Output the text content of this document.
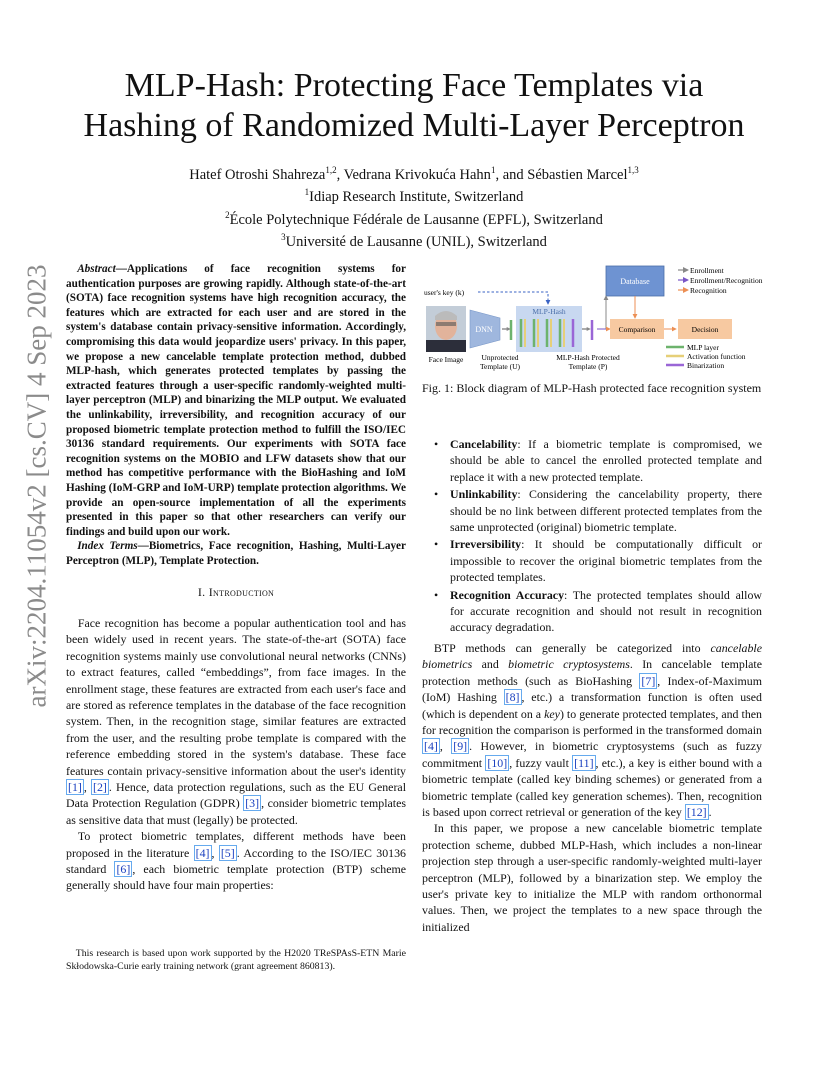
arXiv:2204.11054v2 [cs.CV] 4 Sep 2023
MLP-Hash: Protecting Face Templates via
Hashing of Randomized Multi-Layer Perceptron
Hatef Otroshi Shahreza$^{1,2}$, Vedrana Krivokuća Hahn$^1$, and Sébastien Marcel$^{1,3}$
$^1$Idiap Research Institute, Switzerland
$^2$École Polytechnique Fédérale de Lausanne (EPFL), Switzerland
$^3$Université de Lausanne (UNIL), Switzerland

Abstract—Applications of face recognition systems for authentication purposes are growing rapidly. Although state-of-the-art (SOTA) face recognition systems have high recognition accuracy, the features which are extracted for each user and are stored in the system's database contain privacy-sensitive information. Accordingly, compromising this data would jeopardize users' privacy. In this paper, we propose a new cancelable template protection method, dubbed MLP-hash, which generates protected templates by passing the extracted features through a user-specific randomly-weighted multi-layer perceptron (MLP) and binarizing the MLP output. We evaluated the unlinkability, irreversibility, and recognition accuracy of our proposed biometric template protection method to fulfill the ISO/IEC 30136 standard requirements. Our experiments with SOTA face recognition systems on the MOBIO and LFW datasets show that our method has competitive performance with the BioHashing and IoM Hashing (IoM-GRP and IoM-URP) template protection algorithms. We provide an open-source implementation of all the experiments presented in this paper so that other researchers can verify our findings and build upon our work.

Index Terms—Biometrics, Face recognition, Hashing, Multi-Layer Perceptron (MLP), Template Protection.

I. Introduction

Face recognition has become a popular authentication tool and has been widely used in recent years. The state-of-the-art (SOTA) face recognition systems mainly use convolutional neural networks (CNNs) to extract features, called “embeddings”, from face images. In the enrollment stage, these features are extracted from each user's face and are stored as reference templates in the database of the face recognition system. Then, in the recognition stage, similar features are extracted from the user, and the resulting probe template is compared with the reference embedding stored in the system's database. These face features contain privacy-sensitive information about the user's identity [1] , [2] . Hence, data protection regulations, such as the EU General Data Protection Regulation (GDPR) [3] , consider biometric templates as sensitive data that must (legally) be protected.

To protect biometric templates, different methods have been proposed in the literature [4] , [5] . According to the ISO/IEC 30136 standard [6] , each biometric template protection (BTP) scheme generally should have four main properties:

This research is based upon work supported by the H2020 TReSPAsS-ETN Marie Skłodowska-Curie early training network (grant agreement 860813).
Enrollment
Enrollment/Recognition
Recognition
user's key (k)
Database
Face Image
DNN
Unprotected
Template (U)
MLP-Hash
MLP-Hash Protected
Template (P)
Comparison	Decision
MLP layer
Activation function
Binarization
Fig. 1: Block diagram of MLP-Hash protected face recognition system
• Cancelability: If a biometric template is compromised, we should be able to cancel the enrolled protected template and replace it with a new protected template.
• Unlinkability: Considering the cancelability property, there should be no link between different protected templates from the same unprotected (original) biometric template.
• Irreversibility: It should be computationally difficult or impossible to recover the original biometric templates from the protected templates.
• Recognition Accuracy: The protected templates should allow for accurate recognition and should not result in recognition accuracy degradation.

BTP methods can generally be categorized into cancelable biometrics and biometric cryptosystems. In cancelable template protection methods (such as BioHashing [7] , Index-of-Maximum (IoM) Hashing [8] , etc.) a transformation function is often used (which is dependent on a key) to generate protected templates, and then for recognition the comparison is performed in the transformed domain [4] , [9] . However, in biometric cryptosystems (such as fuzzy commitment [10] , fuzzy vault [11] , etc.), a key is either bound with a biometric template (called key binding schemes) or generated from a biometric template (called key generation schemes). Then, recognition is based upon correct retrieval or generation of the key [12] .

In this paper, we propose a new cancelable biometric template protection scheme, dubbed MLP-Hash, which includes a non-linear projection step through a user-specific randomly-weighted multi-layer perceptron (MLP), followed by a binarization step. We employ the user's private key to initialize the MLP with random orthonormal values. Then, we project the templates to a new space through the initialized
